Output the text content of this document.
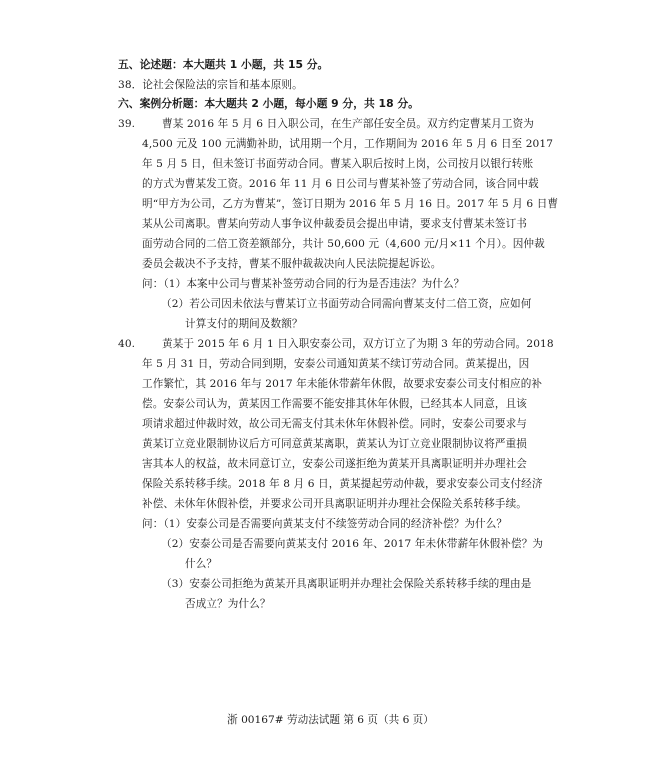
五、论述题：本大题共 1 小题，共 15 分。
38．论社会保险法的宗旨和基本原则。
六、案例分析题：本大题共 2 小题，每小题 9 分，共 18 分。
39.	曹某 2016 年 5 月 6 日入职公司，在生产部任安全员。双方约定曹某月工资为
4,500 元及 100 元满勤补助，试用期一个月，工作期间为 2016 年 5 月 6 日至 2017
年 5 月 5 日，但未签订书面劳动合同。曹某入职后按时上岗，公司按月以银行转账
的方式为曹某发工资。2016 年 11 月 6 日公司与曹某补签了劳动合同，该合同中载
明“甲方为公司，乙方为曹某”，签订日期为 2016 年 5 月 16 日。2017 年 5 月 6 日曹
某从公司离职。曹某向劳动人事争议仲裁委员会提出申请，要求支付曹某未签订书
面劳动合同的二倍工资差额部分，共计 50,600 元（4,600 元/月×11 个月）。因仲裁
委员会裁决不予支持，曹某不服仲裁裁决向人民法院提起诉讼。
问：（1）本案中公司与曹某补签劳动合同的行为是否违法？为什么？
（2）若公司因未依法与曹某订立书面劳动合同需向曹某支付二倍工资，应如何
计算支付的期间及数额？
40.	黄某于 2015 年 6 月 1 日入职安泰公司，双方订立了为期 3 年的劳动合同。2018
年 5 月 31 日，劳动合同到期，安泰公司通知黄某不续订劳动合同。黄某提出，因
工作繁忙，其 2016 年与 2017 年未能休带薪年休假，故要求安泰公司支付相应的补
偿。安泰公司认为，黄某因工作需要不能安排其休年休假，已经其本人同意，且该
项请求超过仲裁时效，故公司无需支付其未休年休假补偿。同时，安泰公司要求与
黄某订立竞业限制协议后方可同意黄某离职，黄某认为订立竞业限制协议将严重损
害其本人的权益，故未同意订立，安泰公司遂拒绝为黄某开具离职证明并办理社会
保险关系转移手续。2018 年 8 月 6 日，黄某提起劳动仲裁，要求安泰公司支付经济
补偿、未休年休假补偿，并要求公司开具离职证明并办理社会保险关系转移手续。
问：（1）安泰公司是否需要向黄某支付不续签劳动合同的经济补偿？为什么？
（2）安泰公司是否需要向黄某支付 2016 年、2017 年未休带薪年休假补偿？为
什么？
（3）安泰公司拒绝为黄某开具离职证明并办理社会保险关系转移手续的理由是
否成立？为什么？
浙 00167# 劳动法试题 第 6 页（共 6 页）
